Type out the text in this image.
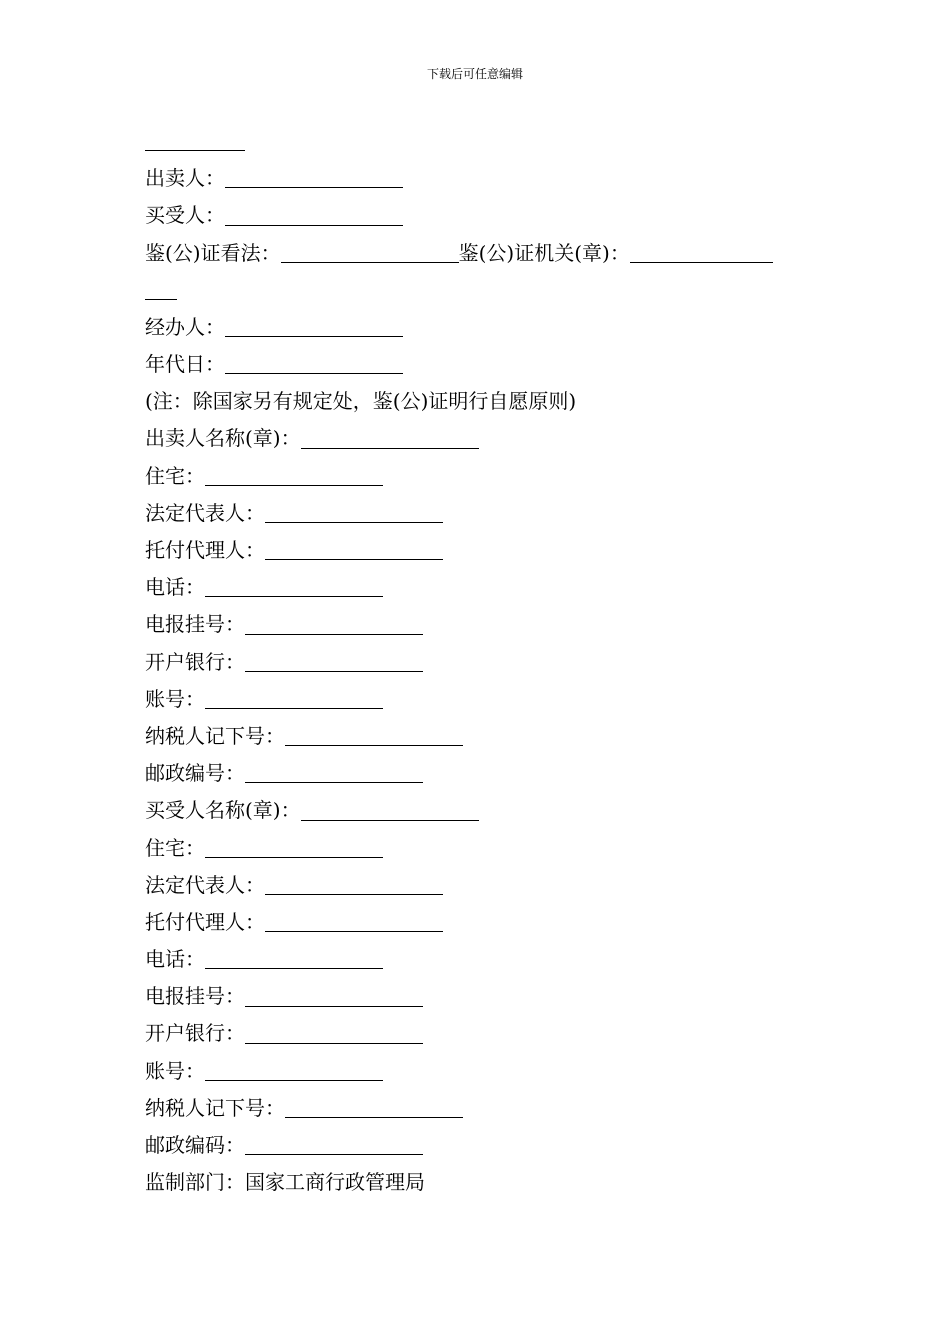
下载后可任意编辑
出卖人：
买受人：
鉴(公)证看法：	鉴(公)证机关(章)：
经办人：
年代日：
(注：除国家另有规定处，鉴(公)证明行自愿原则)
出卖人名称(章)：
住宅：
法定代表人：
托付代理人：
电话：
电报挂号：
开户银行：
账号：
纳税人记下号：
邮政编号：
买受人名称(章)：
住宅：
法定代表人：
托付代理人：
电话：
电报挂号：
开户银行：
账号：
纳税人记下号：
邮政编码：
监制部门：国家工商行政管理局
